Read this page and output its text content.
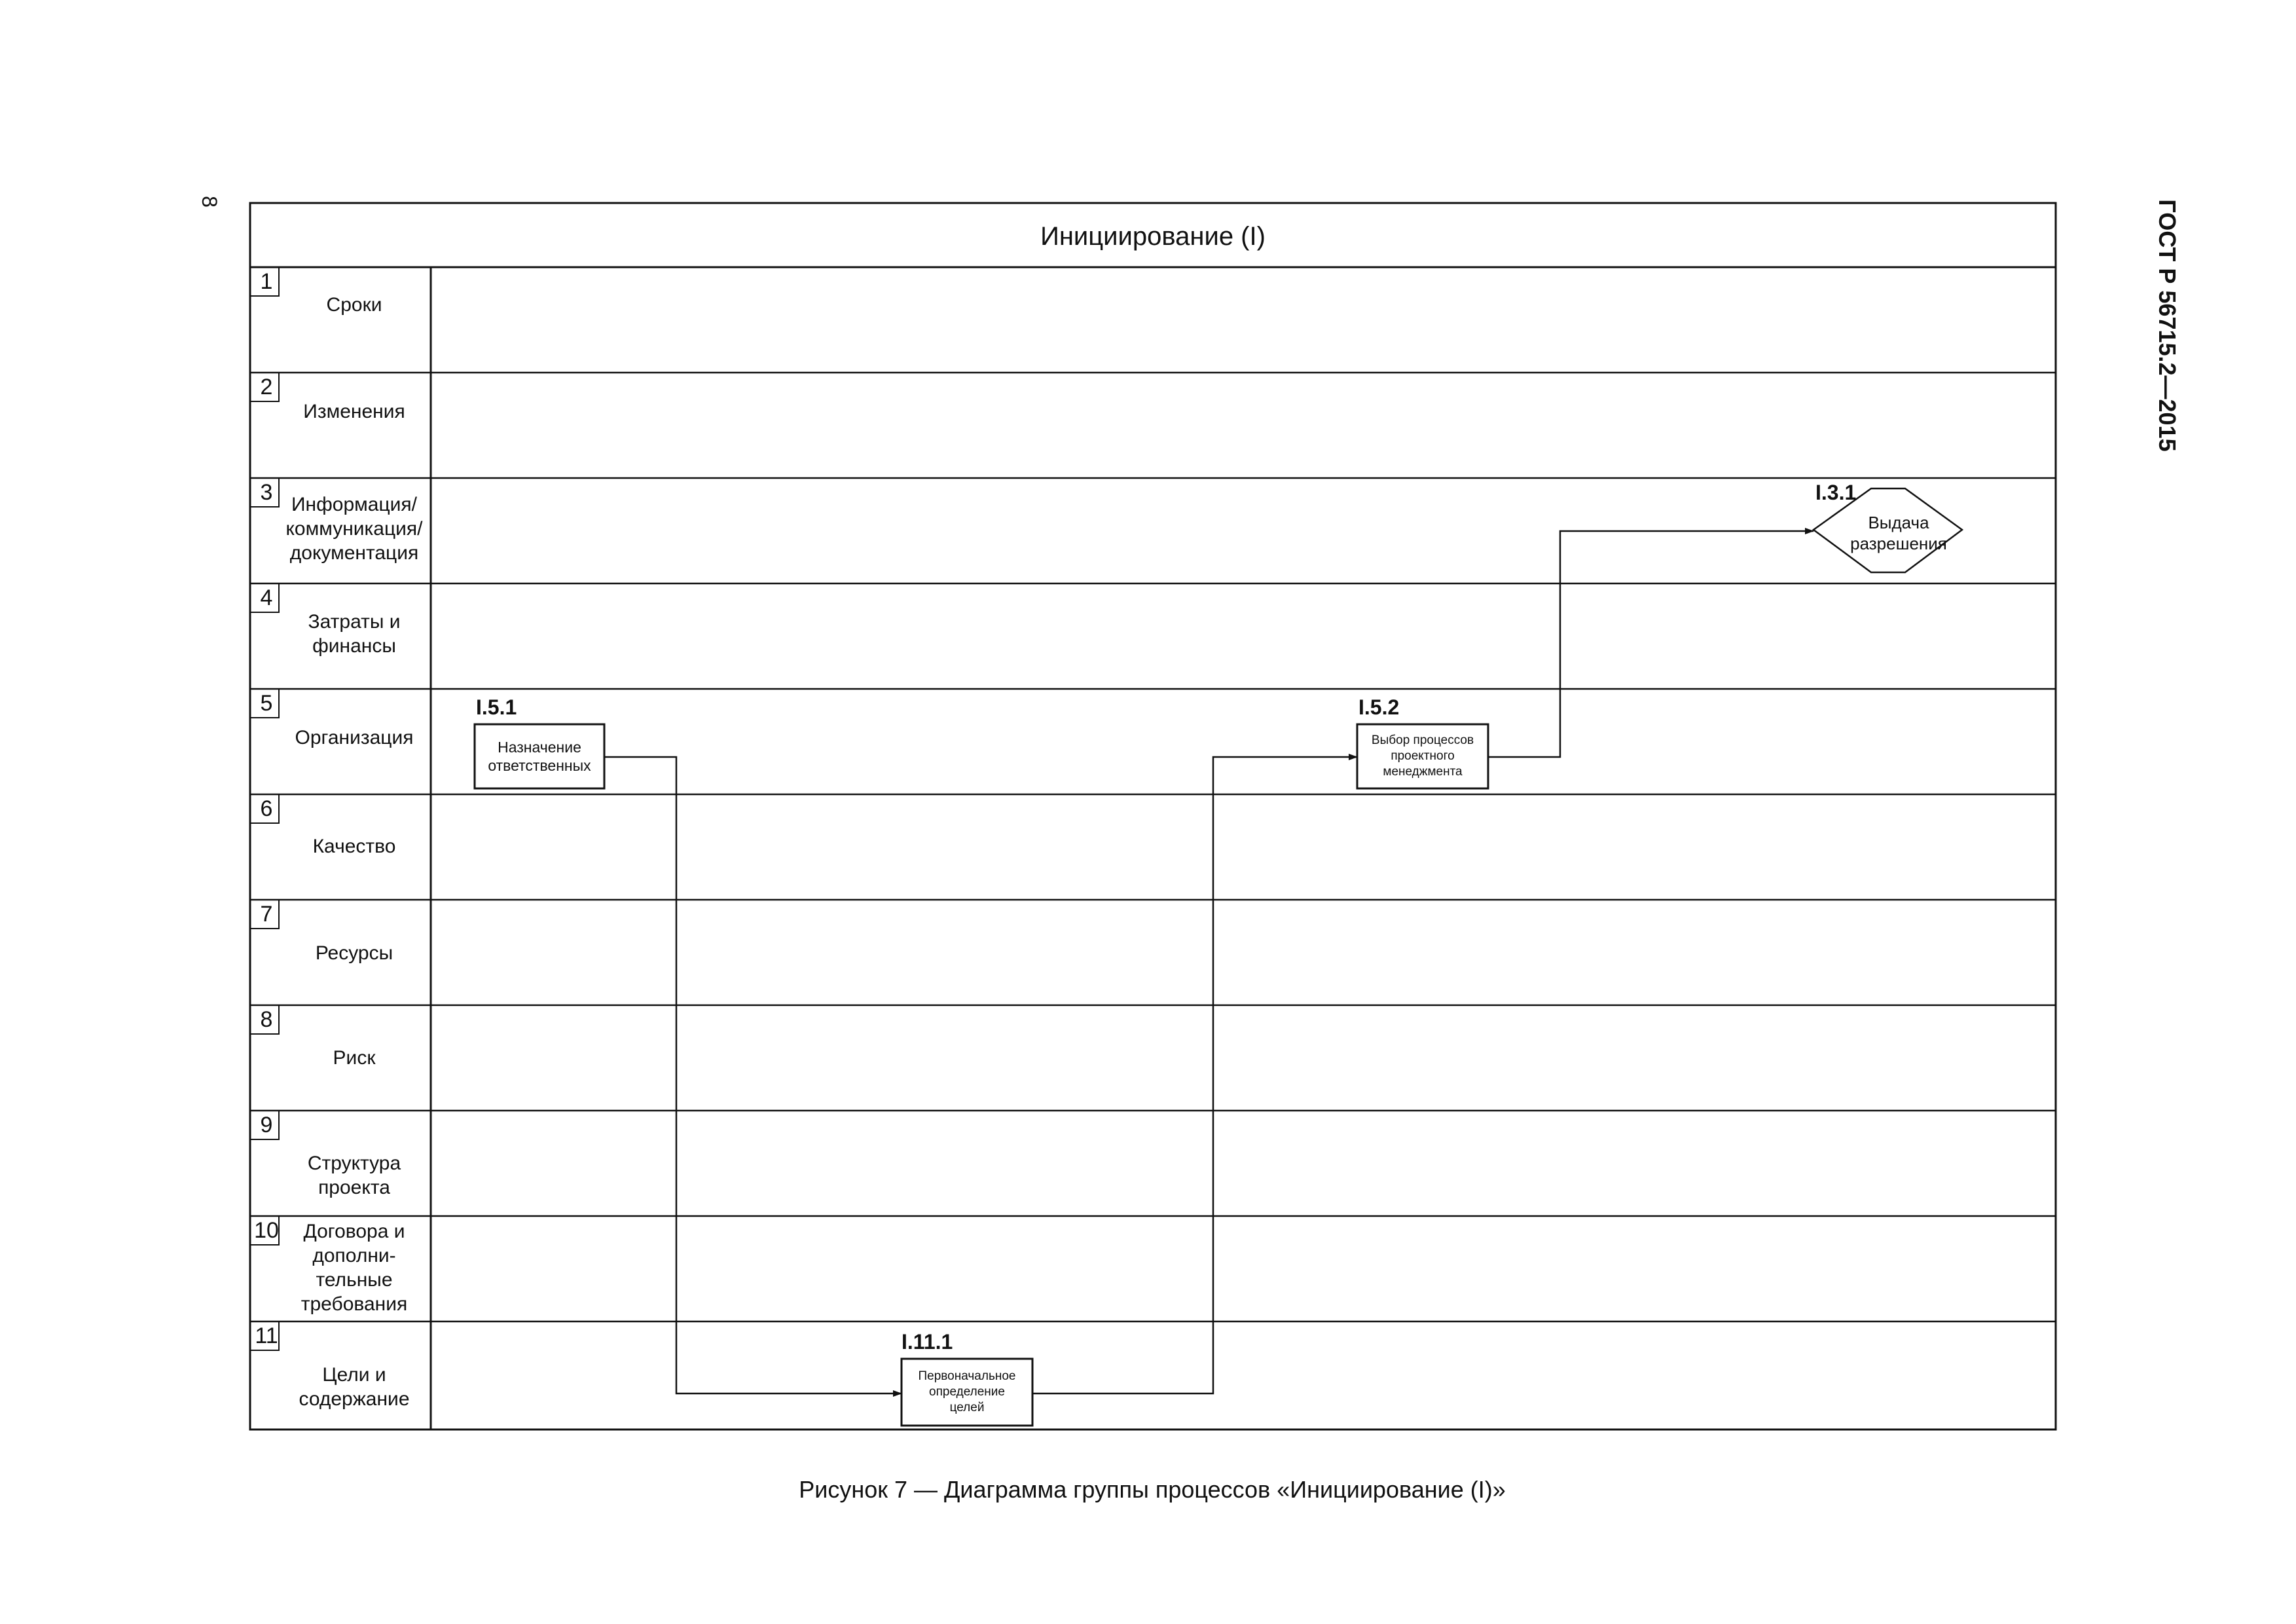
8	ГОСТ Р 56715.2—2015
Инициирование (I)
1
2
3
4
5
6
7
8
9
10
11
Сроки
Изменения
Информация/
коммуникация/
документация
Затраты и
финансы
Организация
Качество
Ресурсы
Риск
Структура
проекта
Договора и
дополни-
тельные
требования
Цели и
содержание
I.5.1	I.5.2
I.11.1
I.3.1
Назначение
ответственных
Выбор процессов
проектного
менеджмента
Первоначальное
определение
целей
Выдача
разрешения
Рисунок 7 — Диаграмма группы процессов «Инициирование (I)»
